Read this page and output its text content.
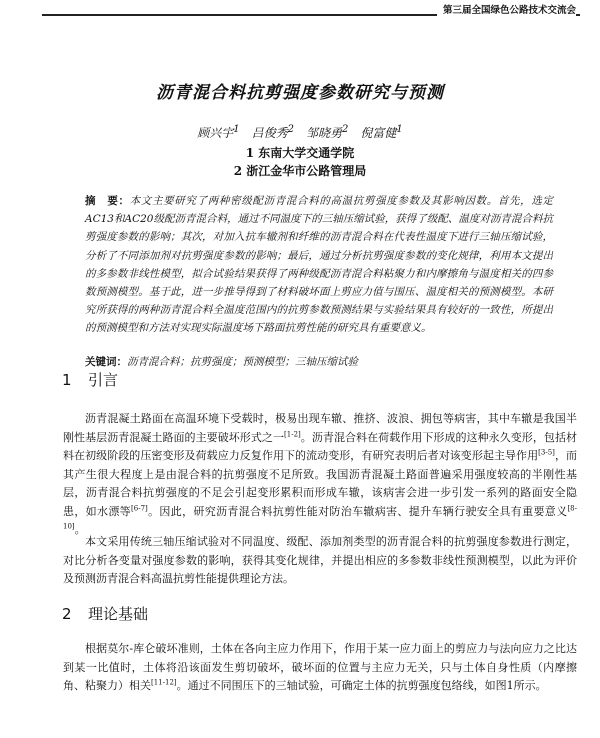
第三届全国绿色公路技术交流会
沥青混合料抗剪强度参数研究与预测
顾兴宇$^1$　 吕俊秀$^2$　 邹晓勇$^2$　 倪富健$^1$
1 东南大学交通学院
2 浙江金华市公路管理局
摘　要：本文主要研究了两种密级配沥青混合料的高温抗剪强度参数及其影响因数。首先，选定AC13和AC20级配沥青混合料，通过不同温度下的三轴压缩试验，获得了级配、温度对沥青混合料抗剪强度参数的影响；其次，对加入抗车辙剂和纤维的沥青混合料在代表性温度下进行三轴压缩试验，分析了不同添加剂对抗剪强度参数的影响；最后，通过分析抗剪强度参数的变化规律，利用本文提出的多参数非线性模型，拟合试验结果获得了两种级配沥青混合料粘聚力和内摩擦角与温度相关的四参数预测模型。基于此，进一步推导得到了材料破坏面上剪应力值与围压、温度相关的预测模型。本研究所获得的两种沥青混合料全温度范围内的抗剪参数预测结果与实验结果具有较好的一致性，所提出的预测模型和方法对实现实际温度场下路面抗剪性能的研究具有重要意义。
关键词：沥青混合料；抗剪强度；预测模型；三轴压缩试验
1 引言
沥青混凝土路面在高温环境下受载时，极易出现车辙、推挤、波浪、拥包等病害，其中车辙是我国半刚性基层沥青混凝土路面的主要破坏形式之一[1-2]。沥青混合料在荷载作用下形成的这种永久变形，包括材料在初级阶段的压密变形及荷载应力反复作用下的流动变形，有研究表明后者对该变形起主导作用[3-5]，而其产生很大程度上是由混合料的抗剪强度不足所致。我国沥青混凝土路面普遍采用强度较高的半刚性基层，沥青混合料抗剪强度的不足会引起变形累积而形成车辙，该病害会进一步引发一系列的路面安全隐患，如水漂等[6-7]。因此，研究沥青混合料抗剪性能对防治车辙病害、提升车辆行驶安全具有重要意义[8-10]。
本文采用传统三轴压缩试验对不同温度、级配、添加剂类型的沥青混合料的抗剪强度参数进行测定，对比分析各变量对强度参数的影响，获得其变化规律，并提出相应的多参数非线性预测模型，以此为评价及预测沥青混合料高温抗剪性能提供理论方法。
2 理论基础
根据莫尔-库仑破坏准则，土体在各向主应力作用下，作用于某一应力面上的剪应力与法向应力之比达到某一比值时，土体将沿该面发生剪切破坏，破坏面的位置与主应力无关，只与土体自身性质（内摩擦角、粘聚力）相关[11-12]。通过不同围压下的三轴试验，可确定土体的抗剪强度包络线，如图1所示。
